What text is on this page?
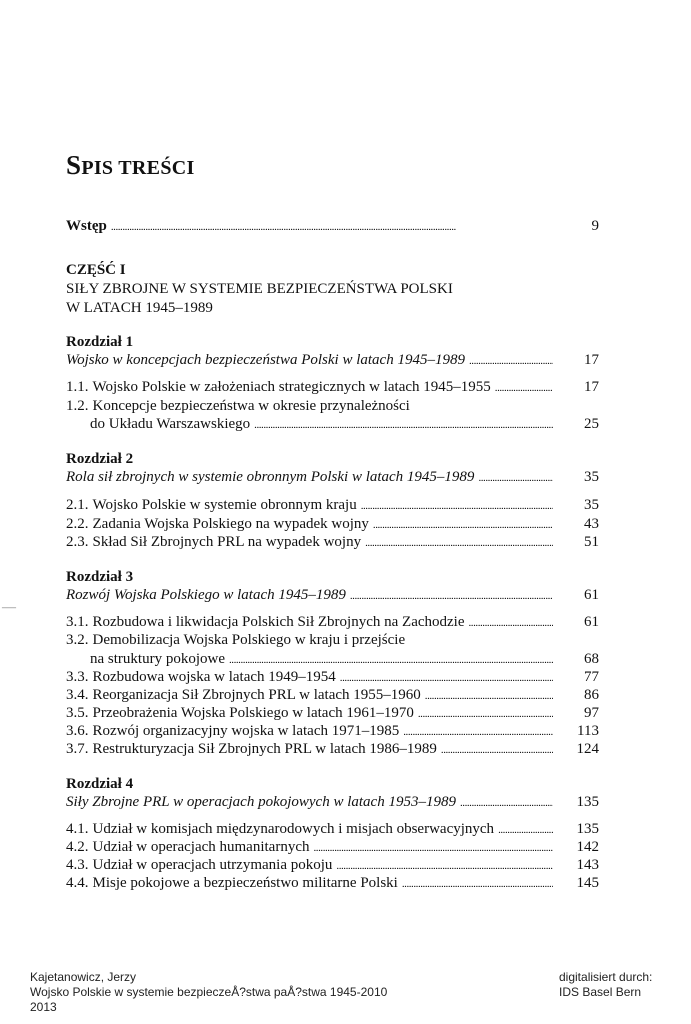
SPIS TREŚCI
Wstęp . . .	9
CZĘŚĆ I
SIŁY ZBROJNE W SYSTEMIE BEZPIECZEŃSTWA POLSKI
W LATACH 1945–1989
Rozdział 1
Wojsko w koncepcjach bezpieczeństwa Polski w latach 1945–1989 . . .	17
1.1. Wojsko Polskie w założeniach strategicznych w latach 1945–1955 . . .	17
1.2. Koncepcje bezpieczeństwa w okresie przynależności
do Układu Warszawskiego . . .	25
Rozdział 2
Rola sił zbrojnych w systemie obronnym Polski w latach 1945–1989 . . .	35
2.1. Wojsko Polskie w systemie obronnym kraju . . .	35
2.2. Zadania Wojska Polskiego na wypadek wojny . . .	43
2.3. Skład Sił Zbrojnych PRL na wypadek wojny . . .	51
Rozdział 3
Rozwój Wojska Polskiego w latach 1945–1989 . . .	61
3.1. Rozbudowa i likwidacja Polskich Sił Zbrojnych na Zachodzie . . .	61
3.2. Demobilizacja Wojska Polskiego w kraju i przejście
na struktury pokojowe . . .	68
3.3. Rozbudowa wojska w latach 1949–1954 . . .	77
3.4. Reorganizacja Sił Zbrojnych PRL w latach 1955–1960 . . .	86
3.5. Przeobrażenia Wojska Polskiego w latach 1961–1970 . . .	97
3.6. Rozwój organizacyjny wojska w latach 1971–1985 . . .	113
3.7. Restrukturyzacja Sił Zbrojnych PRL w latach 1986–1989 . . .	124
Rozdział 4
Siły Zbrojne PRL w operacjach pokojowych w latach 1953–1989 . . .	135
4.1. Udział w komisjach międzynarodowych i misjach obserwacyjnych . . .	135
4.2. Udział w operacjach humanitarnych . . .	142
4.3. Udział w operacjach utrzymania pokoju . . .	143
4.4. Misje pokojowe a bezpieczeństwo militarne Polski . . .	145
—
Kajetanowicz, Jerzy
Wojsko Polskie w systemie bezpieczeÅ?stwa paÅ?stwa 1945-2010
2013
digitalisiert durch:
IDS Basel Bern
